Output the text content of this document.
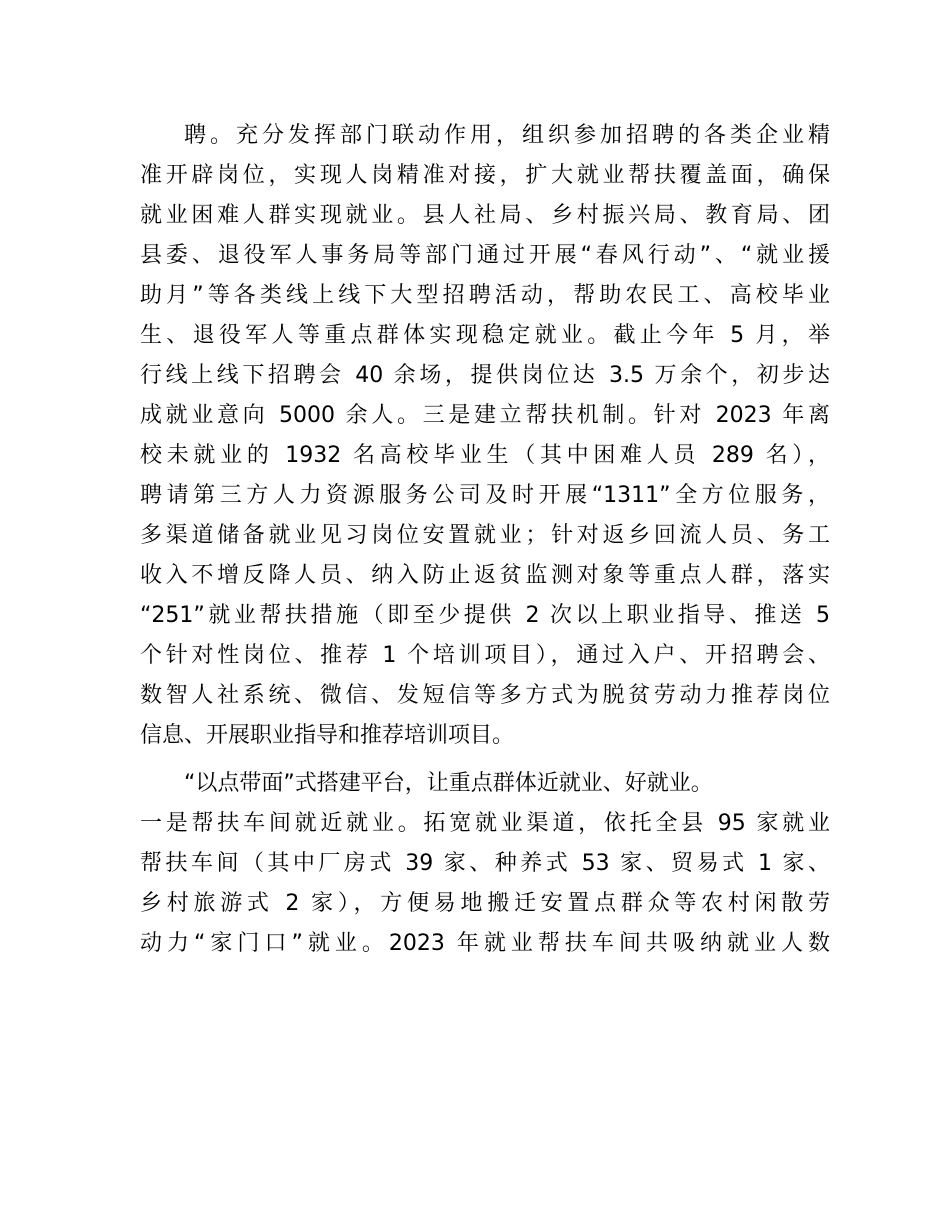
聘。充分发挥部门联动作用，组织参加招聘的各类企业精
准开辟岗位，实现人岗精准对接，扩大就业帮扶覆盖面，确保
就业困难人群实现就业。县人社局、乡村振兴局、教育局、团
县委、退役军人事务局等部门通过开展“春风行动”、“就业援
助月”等各类线上线下大型招聘活动，帮助农民工、高校毕业
生、退役军人等重点群体实现稳定就业。截止今年 5 月，举
行线上线下招聘会 40 余场，提供岗位达 3.5 万余个，初步达
成就业意向 5000 余人。三是建立帮扶机制。针对 2023 年离
校未就业的 1932 名高校毕业生（其中困难人员 289 名），
聘请第三方人力资源服务公司及时开展“1311”全方位服务，
多渠道储备就业见习岗位安置就业；针对返乡回流人员、务工
收入不增反降人员、纳入防止返贫监测对象等重点人群，落实
“251”就业帮扶措施（即至少提供 2 次以上职业指导、推送 5
个针对性岗位、推荐 1 个培训项目），通过入户、开招聘会、
数智人社系统、微信、发短信等多方式为脱贫劳动力推荐岗位
信息、开展职业指导和推荐培训项目。
“以点带面”式搭建平台，让重点群体近就业、好就业。
一是帮扶车间就近就业。拓宽就业渠道，依托全县 95 家就业
帮扶车间（其中厂房式 39 家、种养式 53 家、贸易式 1 家、
乡村旅游式 2 家），方便易地搬迁安置点群众等农村闲散劳
动力“家门口”就业。2023 年就业帮扶车间共吸纳就业人数
